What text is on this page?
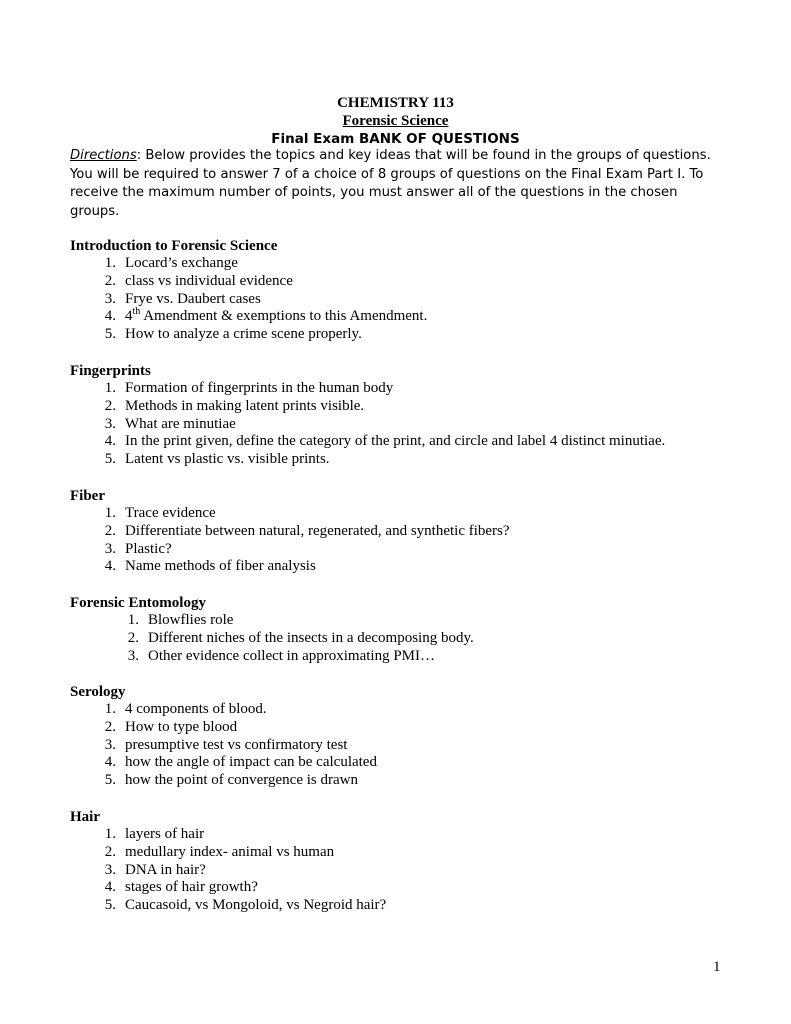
CHEMISTRY 113
Forensic Science
Final Exam BANK OF QUESTIONS
Directions: Below provides the topics and key ideas that will be found in the groups of questions. You will be required to answer 7 of a choice of 8 groups of questions on the Final Exam Part I. To receive the maximum number of points, you must answer all of the questions in the chosen groups.
Introduction to Forensic Science
1. Locard’s exchange
2. class vs individual evidence
3. Frye vs. Daubert cases
4. 4th Amendment & exemptions to this Amendment.
5. How to analyze a crime scene properly.
Fingerprints
1. Formation of fingerprints in the human body
2. Methods in making latent prints visible.
3. What are minutiae
4. In the print given, define the category of the print, and circle and label 4 distinct minutiae.
5. Latent vs plastic vs. visible prints.
Fiber
1. Trace evidence
2. Differentiate between natural, regenerated, and synthetic fibers?
3. Plastic?
4. Name methods of fiber analysis
Forensic Entomology
1. Blowflies role
2. Different niches of the insects in a decomposing body.
3. Other evidence collect in approximating PMI…
Serology
1. 4 components of blood.
2. How to type blood
3. presumptive test vs confirmatory test
4. how the angle of impact can be calculated
5. how the point of convergence is drawn
Hair
1. layers of hair
2. medullary index- animal vs human
3. DNA in hair?
4. stages of hair growth?
5. Caucasoid, vs Mongoloid, vs Negroid hair?
1
